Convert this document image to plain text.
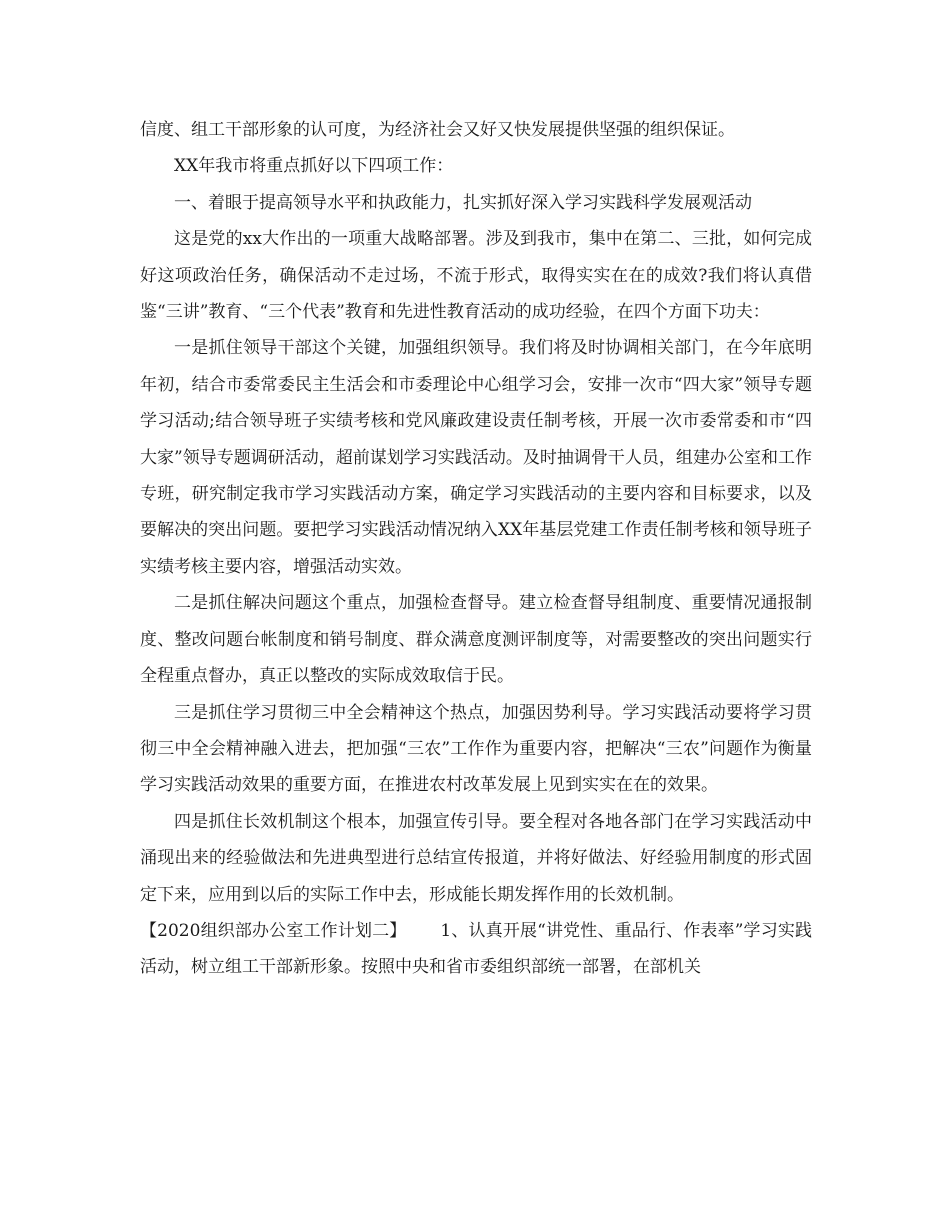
信度、组工干部形象的认可度，为经济社会又好又快发展提供坚强的组织保证。

XX年我市将重点抓好以下四项工作：

一、着眼于提高领导水平和执政能力，扎实抓好深入学习实践科学发展观活动

这是党的xx大作出的一项重大战略部署。涉及到我市，集中在第二、三批，如何完成好这项政治任务，确保活动不走过场，不流于形式，取得实实在在的成效?我们将认真借鉴“三讲”教育、“三个代表”教育和先进性教育活动的成功经验，在四个方面下功夫：

一是抓住领导干部这个关键，加强组织领导。我们将及时协调相关部门，在今年底明年初，结合市委常委民主生活会和市委理论中心组学习会，安排一次市“四大家”领导专题学习活动;结合领导班子实绩考核和党风廉政建设责任制考核，开展一次市委常委和市“四大家”领导专题调研活动，超前谋划学习实践活动。及时抽调骨干人员，组建办公室和工作专班，研究制定我市学习实践活动方案，确定学习实践活动的主要内容和目标要求，以及要解决的突出问题。要把学习实践活动情况纳入XX年基层党建工作责任制考核和领导班子实绩考核主要内容，增强活动实效。

二是抓住解决问题这个重点，加强检查督导。建立检查督导组制度、重要情况通报制度、整改问题台帐制度和销号制度、群众满意度测评制度等，对需要整改的突出问题实行全程重点督办，真正以整改的实际成效取信于民。

三是抓住学习贯彻三中全会精神这个热点，加强因势利导。学习实践活动要将学习贯彻三中全会精神融入进去，把加强“三农”工作作为重要内容，把解决“三农”问题作为衡量学习实践活动效果的重要方面，在推进农村改革发展上见到实实在在的效果。

四是抓住长效机制这个根本，加强宣传引导。要全程对各地各部门在学习实践活动中涌现出来的经验做法和先进典型进行总结宣传报道，并将好做法、好经验用制度的形式固定下来，应用到以后的实际工作中去，形成能长期发挥作用的长效机制。

【2020组织部办公室工作计划二】 1、认真开展“讲党性、重品行、作表率”学习实践活动，树立组工干部新形象。按照中央和省市委组织部统一部署，在部机关
